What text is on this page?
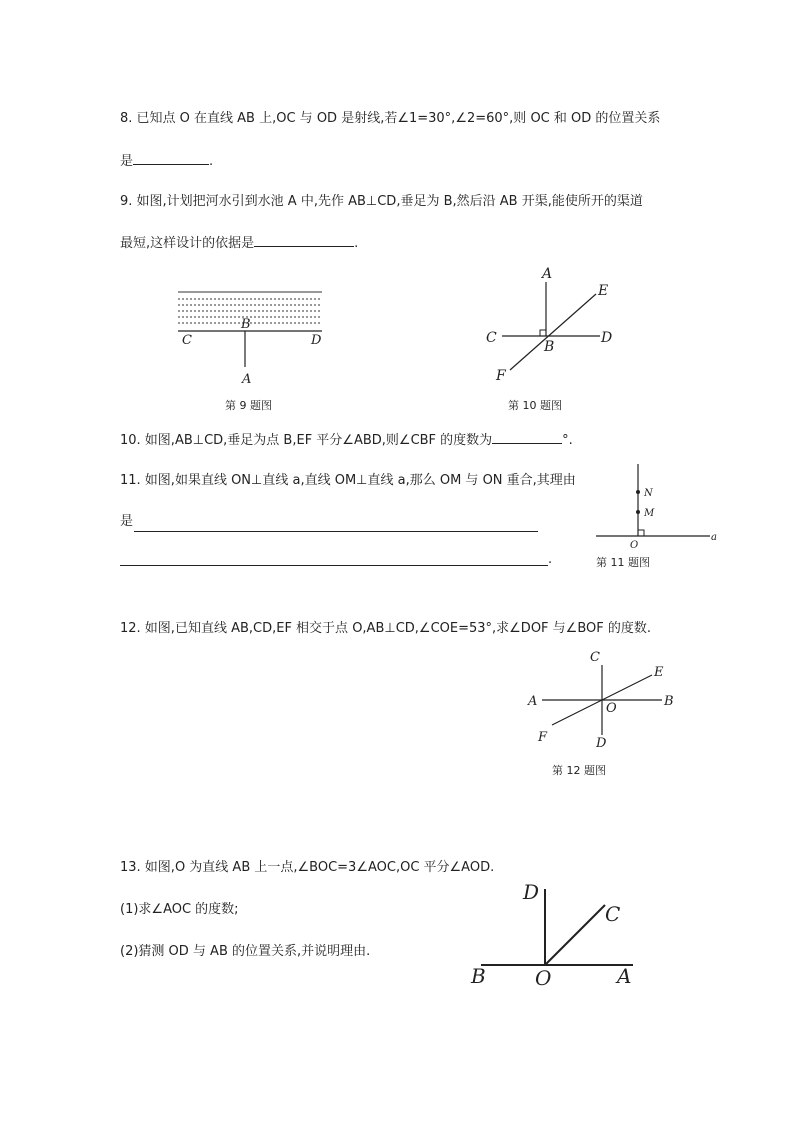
8. 已知点 O 在直线 AB 上,OC 与 OD 是射线,若∠1=30°,∠2=60°,则 OC 和 OD 的位置关系
是	.
9. 如图,计划把河水引到水池 A 中,先作 AB⊥CD,垂足为 B,然后沿 AB 开渠,能使所开的渠道
最短,这样设计的依据是	.
B
C	D
A
第 9 题图
A
E
C
B
D
F
第 10 题图
10. 如图,AB⊥CD,垂足为点 B,EF 平分∠ABD,则∠CBF 的度数为	°.
11. 如图,如果直线 ON⊥直线 a,直线 OM⊥直线 a,那么 OM 与 ON 重合,其理由
是
.
N
M
O
a
第 11 题图
12. 如图,已知直线 AB,CD,EF 相交于点 O,AB⊥CD,∠COE=53°,求∠DOF 与∠BOF 的度数.
C
E
A	B
O
F	D
第 12 题图
13. 如图,O 为直线 AB 上一点,∠BOC=3∠AOC,OC 平分∠AOD.
(1)求∠AOC 的度数;
(2)猜测 OD 与 AB 的位置关系,并说明理由.
D
C
B O	A
